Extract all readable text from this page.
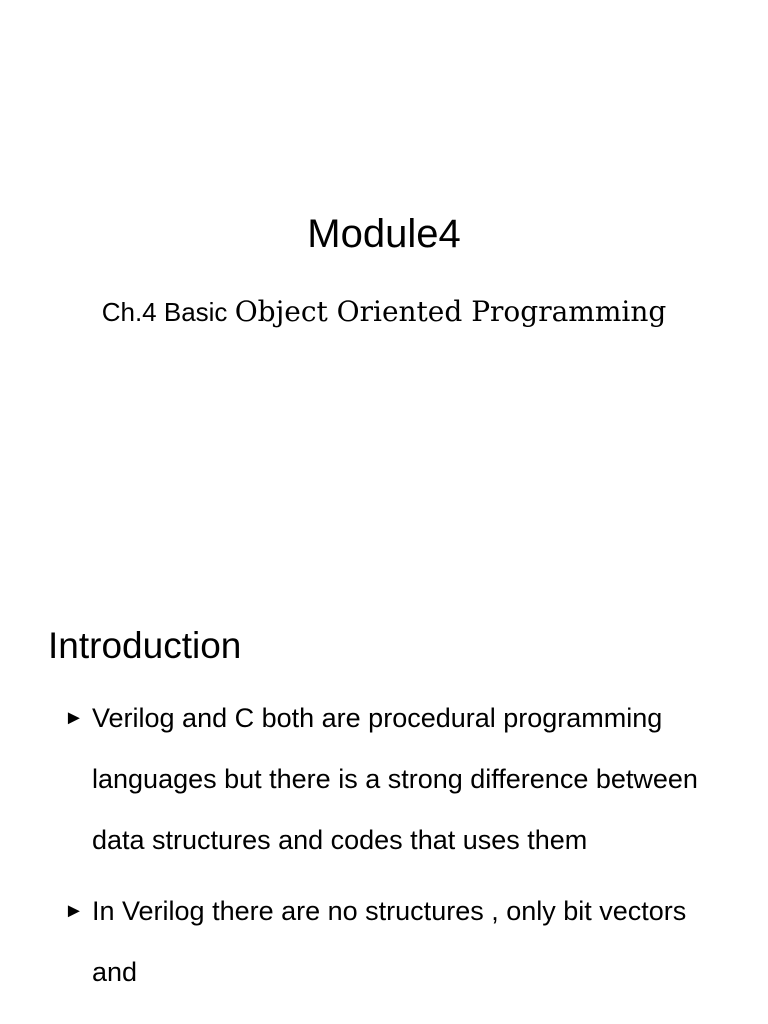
Module4

Ch.4 Basic Object Oriented Programming

Introduction
► Verilog and C both are procedural programming languages but there is a strong difference between data structures and codes that uses them
► In Verilog there are no structures , only bit vectors and
